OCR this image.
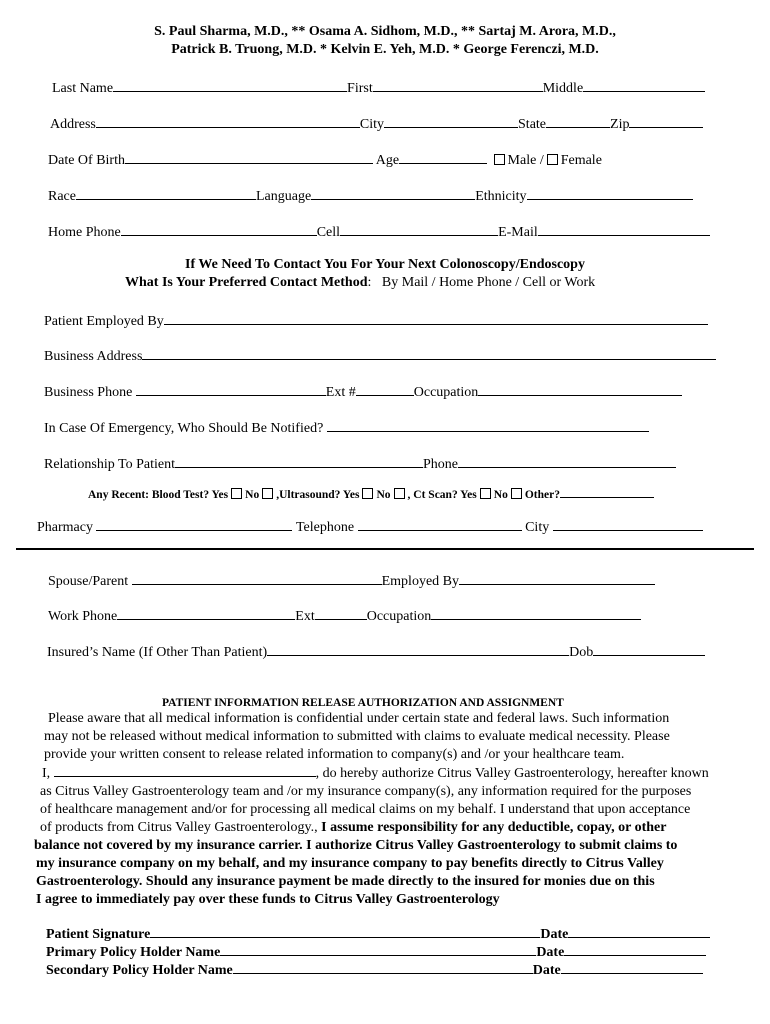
S. Paul Sharma, M.D., ** Osama A. Sidhom, M.D., ** Sartaj M. Arora, M.D.,
Patrick B. Truong, M.D. * Kelvin E. Yeh, M.D. * George Ferenczi, M.D.
Last Name	First	Middle
Address	City	State	Zip
Date Of Birth	Age	Male / Female
Race	Language	Ethnicity
Home Phone	Cell	E-Mail
If We Need To Contact You For Your Next Colonoscopy/Endoscopy
What Is Your Preferred Contact Method: By Mail / Home Phone / Cell or Work
Patient Employed By
Business Address
Business Phone	Ext #	Occupation
In Case Of Emergency, Who Should Be Notified?
Relationship To Patient	Phone
Any Recent: Blood Test? Yes No ,Ultrasound? Yes No , Ct Scan? Yes No Other?
Pharmacy	Telephone	City
Spouse/Parent	Employed By
Work Phone	Ext	Occupation
Insured’s Name (If Other Than Patient)	Dob
PATIENT INFORMATION RELEASE AUTHORIZATION AND ASSIGNMENT
Please aware that all medical information is confidential under certain state and federal laws. Such information
may not be released without medical information to submitted with claims to evaluate medical necessity. Please
provide your written consent to release related information to company(s) and /or your healthcare team.
I,	, do hereby authorize Citrus Valley Gastroenterology, hereafter known
as Citrus Valley Gastroenterology team and /or my insurance company(s), any information required for the purposes
of healthcare management and/or for processing all medical claims on my behalf. I understand that upon acceptance
of products from Citrus Valley Gastroenterology., I assume responsibility for any deductible, copay, or other
balance not covered by my insurance carrier. I authorize Citrus Valley Gastroenterology to submit claims to
my insurance company on my behalf, and my insurance company to pay benefits directly to Citrus Valley
Gastroenterology. Should any insurance payment be made directly to the insured for monies due on this
I agree to immediately pay over these funds to Citrus Valley Gastroenterology
Patient Signature	Date
Primary Policy Holder Name	Date
Secondary Policy Holder Name	Date
